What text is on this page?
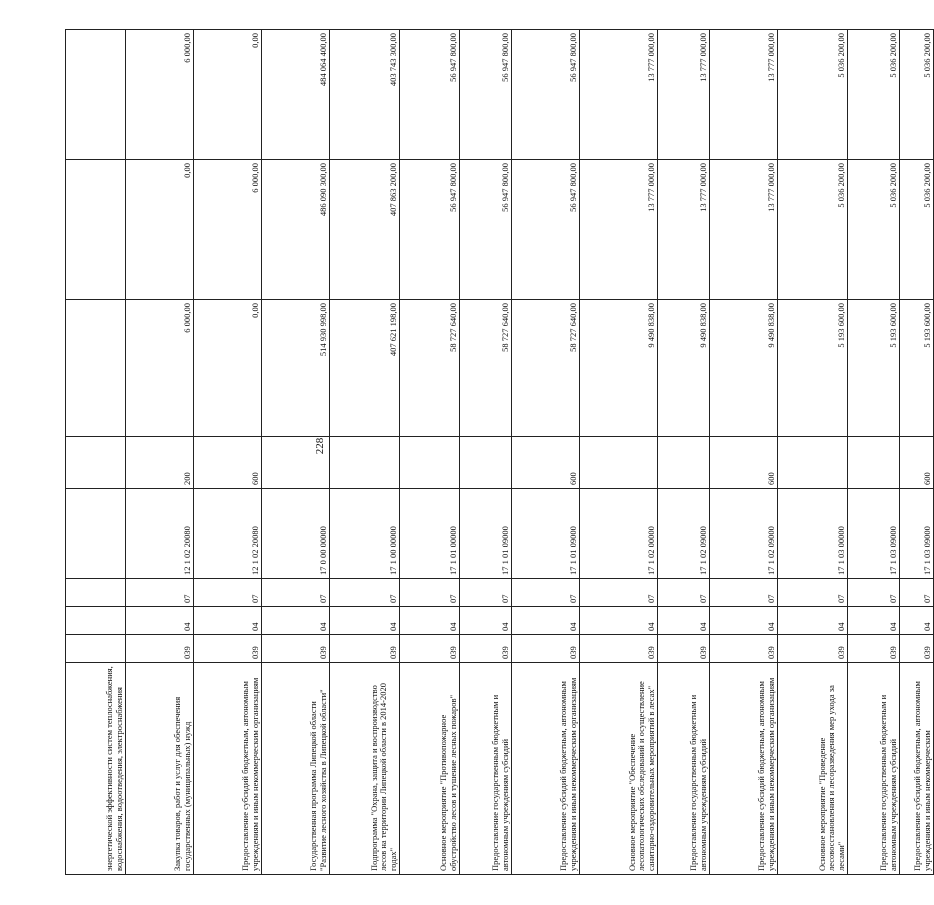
228
энергетической эффективности систем теплоснабжения, водоснабжения, водоотведения, электроснабжения								
Закупка товаров, работ и услуг для обеспечения государственных (муниципальных) нужд	039	04	07	12 1 02 20080	200	6 000,00	0,00	6 000,00
Предоставление субсидий бюджетным, автономным учреждениям и иным некоммерческим организациям	039	04	07	12 1 02 20080	600	0,00	6 000,00	0,00
Государственная программа Липецкой области "Развитие лесного хозяйства в Липецкой области"	039	04	07	17 0 00 00000		514 930 998,00	486 090 300,00	484 064 400,00
Подпрограмма "Охрана, защита и воспроизводство лесов на территории Липецкой области в 2014-2020 годах"	039	04	07	17 1 00 00000		407 621 198,00	407 863 200,00	403 743 300,00
Основное мероприятие "Противопожарное обустройство лесов и тушение лесных пожаров"	039	04	07	17 1 01 00000		58 727 640,00	56 947 800,00	56 947 800,00
Предоставление государственным бюджетным и автономным учреждениям субсидий	039	04	07	17 1 01 09000		58 727 640,00	56 947 800,00	56 947 800,00
Предоставление субсидий бюджетным, автономным учреждениям и иным некоммерческим организациям	039	04	07	17 1 01 09000	600	58 727 640,00	56 947 800,00	56 947 800,00
Основное мероприятие "Обеспечение лесопатологических обследований и осуществление санитарно-оздоровительных мероприятий в лесах"	039	04	07	17 1 02 00000		9 490 838,00	13 777 000,00	13 777 000,00
Предоставление государственным бюджетным и автономным учреждениям субсидий	039	04	07	17 1 02 09000		9 490 838,00	13 777 000,00	13 777 000,00
Предоставление субсидий бюджетным, автономным учреждениям и иным некоммерческим организациям	039	04	07	17 1 02 09000	600	9 490 838,00	13 777 000,00	13 777 000,00
Основное мероприятие "Проведение лесовосстановления и лесоразведения мер ухода за лесами"	039	04	07	17 1 03 00000		5 193 600,00	5 036 200,00	5 036 200,00
Предоставление государственным бюджетным и автономным учреждениям субсидий	039	04	07	17 1 03 09000		5 193 600,00	5 036 200,00	5 036 200,00
Предоставление субсидий бюджетным, автономным учреждениям и иным некоммерческим	039	04	07	17 1 03 09000	600	5 193 600,00	5 036 200,00	5 036 200,00
